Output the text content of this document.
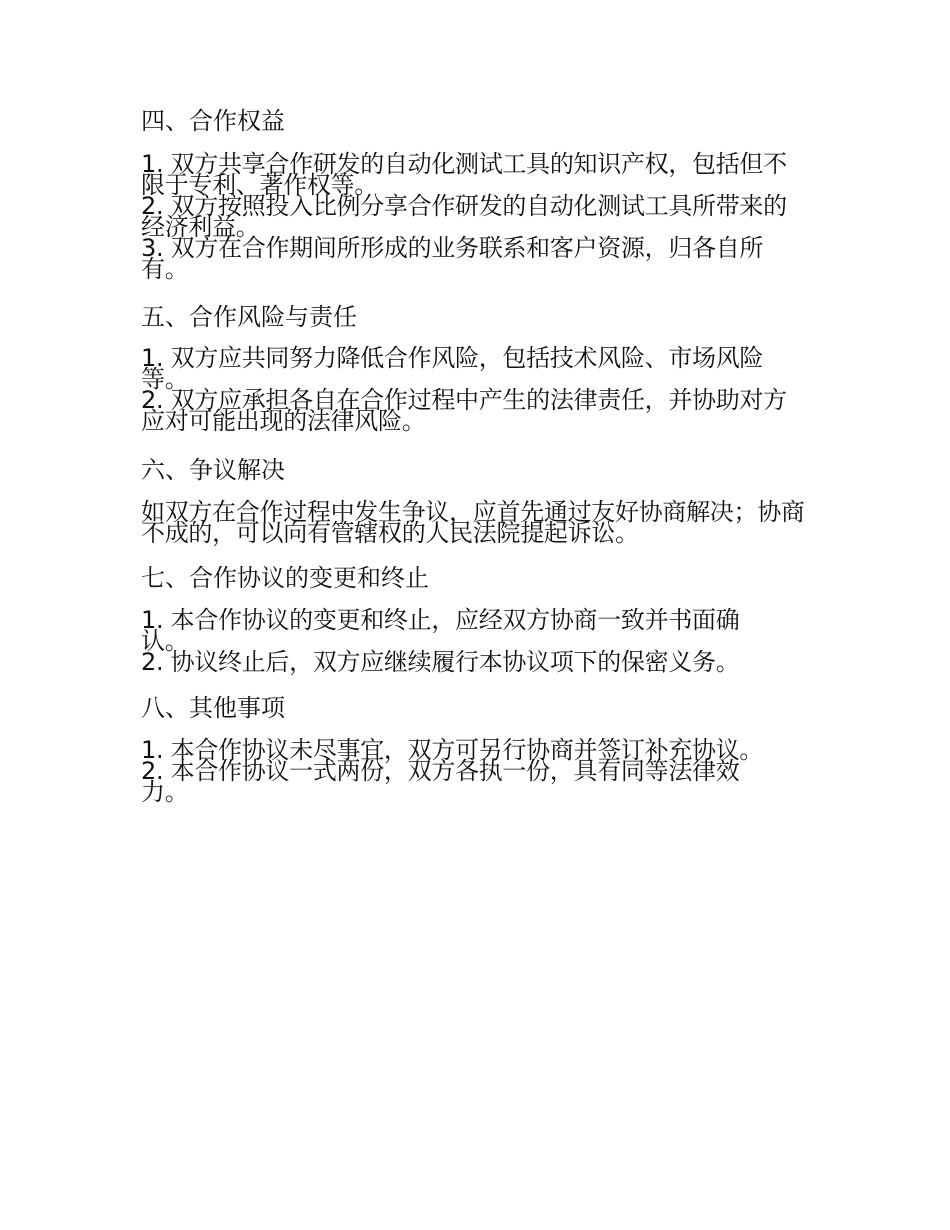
四、合作权益
1. 双方共享合作研发的自动化测试工具的知识产权，包括但不限于专利、著作权等。
2. 双方按照投入比例分享合作研发的自动化测试工具所带来的经济利益。
3. 双方在合作期间所形成的业务联系和客户资源，归各自所有。
五、合作风险与责任
1. 双方应共同努力降低合作风险，包括技术风险、市场风险等。
2. 双方应承担各自在合作过程中产生的法律责任，并协助对方应对可能出现的法律风险。
六、争议解决
如双方在合作过程中发生争议，应首先通过友好协商解决；协商不成的，可以向有管辖权的人民法院提起诉讼。
七、合作协议的变更和终止
1. 本合作协议的变更和终止，应经双方协商一致并书面确认。
2. 协议终止后，双方应继续履行本协议项下的保密义务。
八、其他事项
1. 本合作协议未尽事宜，双方可另行协商并签订补充协议。
2. 本合作协议一式两份，双方各执一份，具有同等法律效力。
